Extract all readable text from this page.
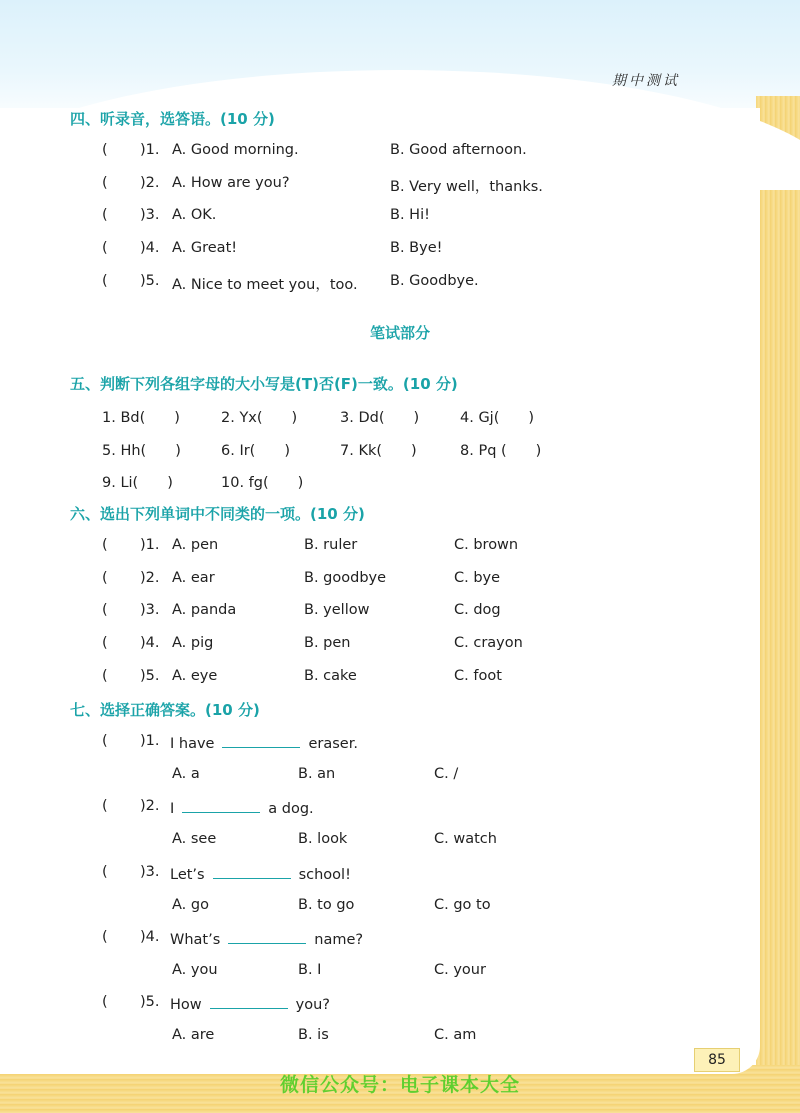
期中测试
四、听录音，选答语。(10 分)
( )1. A. Good morning.	B. Good afternoon.
( )2. A. How are you?	B. Very well，thanks.
( )3. A. OK.	B. Hi!
( )4. A. Great!	B. Bye!
( )5. A. Nice to meet you，too. B. Goodbye.
笔试部分
五、判断下列各组字母的大小写是(T)否(F)一致。(10 分)
1. Bd(　　)	2. Yx(　　)	3. Dd(　　)	4. Gj(　　)
5. Hh(　　)	6. Ir(　　)	7. Kk(　　)	8. Pq (　　)
9. Li(　　)	10. fg(　　)
六、选出下列单词中不同类的一项。(10 分)
( )1. A. pen	B. ruler	C. brown
( )2. A. ear	B. goodbye	C. bye
( )3. A. panda	B. yellow	C. dog
( )4. A. pig	B. pen	C. crayon
( )5. A. eye	B. cake	C. foot
七、选择正确答案。(10 分)
( )1. I have	eraser.
A. a	B. an	C. /
( )2. I	a dog.
A. see	B. look	C. watch
( )3. Let’s	school!
A. go	B. to go	C. go to
( )4. What’s	name?
A. you	B. I	C. your
( )5. How	you?
A. are	B. is	C. am
85
微信公众号：电子课本大全
